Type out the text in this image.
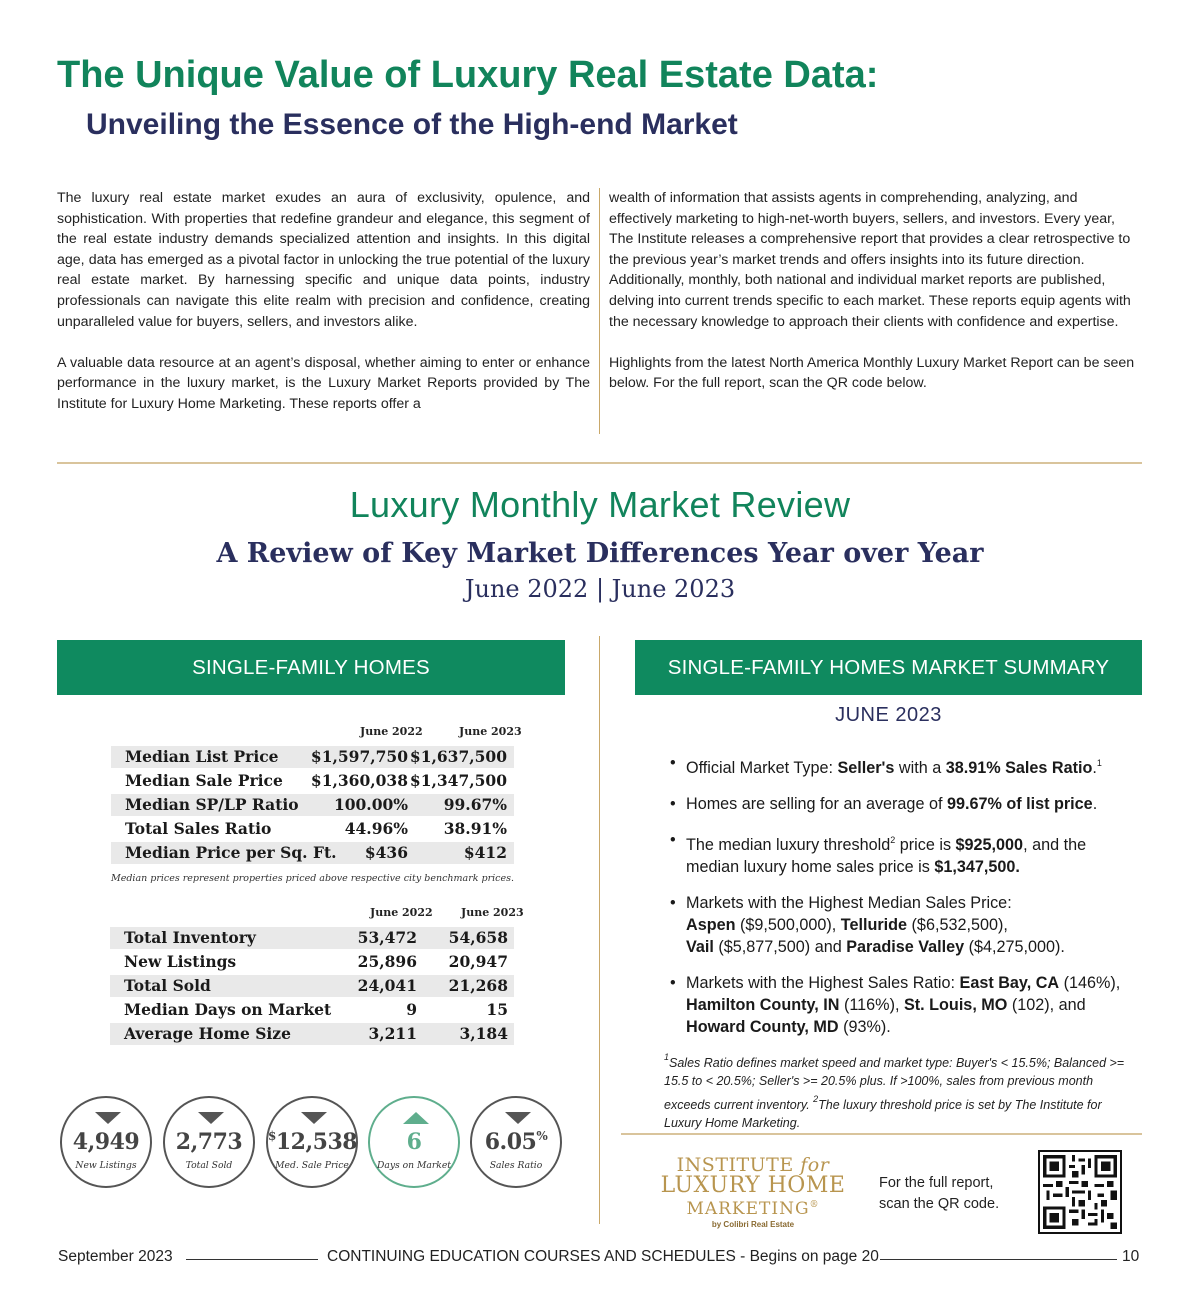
The Unique Value of Luxury Real Estate Data:
Unveiling the Essence of the High-end Market

The luxury real estate market exudes an aura of exclusivity, opulence, and sophistication. With properties that redefine grandeur and elegance, this segment of the real estate industry demands specialized attention and insights. In this digital age, data has emerged as a pivotal factor in unlocking the true potential of the luxury real estate market. By harnessing specific and unique data points, industry professionals can navigate this elite realm with precision and confidence, creating unparalleled value for buyers, sellers, and investors alike.

A valuable data resource at an agent’s disposal, whether aiming to enter or enhance performance in the luxury market, is the Luxury Market Reports provided by The Institute for Luxury Home Marketing. These reports offer a

wealth of information that assists agents in comprehending, analyzing, and effectively marketing to high-net-worth buyers, sellers, and investors. Every year, The Institute releases a comprehensive report that provides a clear retrospective to the previous year’s market trends and offers insights into its future direction. Additionally, monthly, both national and individual market reports are published, delving into current trends specific to each market. These reports equip agents with the necessary knowledge to approach their clients with confidence and expertise.

Highlights from the latest North America Monthly Luxury Market Report can be seen below. For the full report, scan the QR code below.

Luxury Monthly Market Review
A Review of Key Market Differences Year over Year
June 2022 | June 2023
SINGLE-FAMILY HOMES
June 2022	June 2023
Median List Price $1,597,750 $1,637,500
Median Sale Price $1,360,038 $1,347,500
Median SP/LP Ratio 100.00% 99.67%
Total Sales Ratio	44.96% 38.91%
Median Price per Sq. Ft. $436	$412
Median prices represent properties priced above respective city benchmark prices.
June 2022	June 2023
Total Inventory	53,472 54,658
New Listings	25,896 20,947
Total Sold	24,041 21,268
Median Days on Market	9	15
Average Home Size	3,211	3,184
4,949
New Listings
2,773
Total Sold
$12,538
Med. Sale Price
6
Days on Market
6.05%
Sales Ratio
SINGLE-FAMILY HOMES MARKET SUMMARY
JUNE 2023
• Official Market Type: Seller's with a 38.91% Sales Ratio.$^1$
• Homes are selling for an average of 99.67% of list price.
• The median luxury threshold$^2$ price is $925,000, and the median luxury home sales price is $1,347,500.
• Markets with the Highest Median Sales Price:
Aspen ($9,500,000), Telluride ($6,532,500),
Vail ($5,877,500) and Paradise Valley ($4,275,000).
• Markets with the Highest Sales Ratio: East Bay, CA (146%),
Hamilton County, IN (116%), St. Louis, MO (102), and
Howard County, MD (93%).
$^1$Sales Ratio defines market speed and market type: Buyer's < 15.5%; Balanced >= 15.5 to < 20.5%; Seller's >= 20.5% plus. If >100%, sales from previous month exceeds current inventory. $^2$The luxury threshold price is set by The Institute for Luxury Home Marketing.
INSTITUTE for
LUXURY HOME
MARKETING®
by Colibri Real Estate
For the full report, scan the QR code.
September 2023	CONTINUING EDUCATION COURSES AND SCHEDULES - Begins on page 20	10
